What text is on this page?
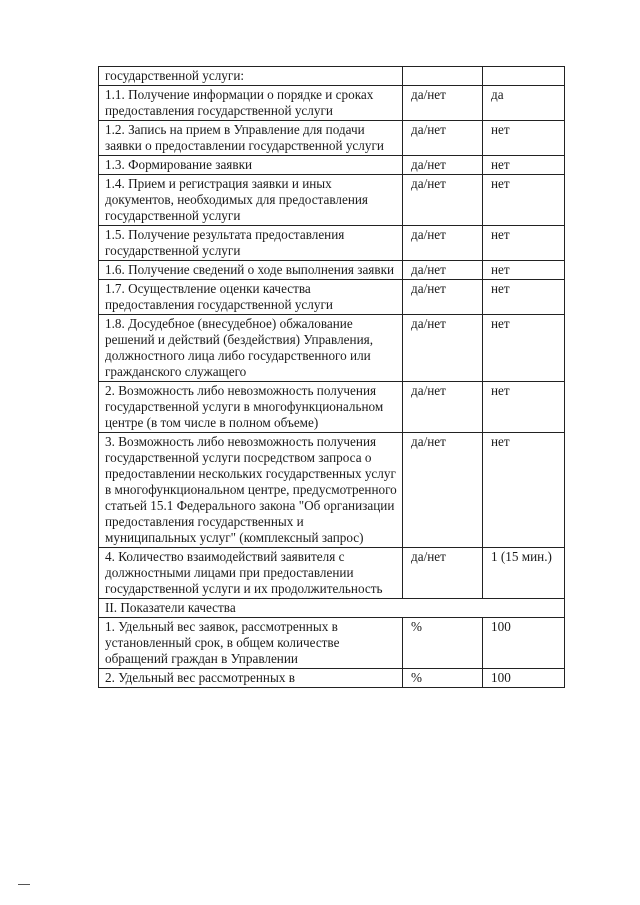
государственной услуги:		
1.1. Получение информации о порядке и сроках предоставления государственной услуги	да/нет	да
1.2. Запись на прием в Управление для подачи заявки о предоставлении государственной услуги	да/нет	нет
1.3. Формирование заявки	да/нет	нет
1.4. Прием и регистрация заявки и иных документов, необходимых для предоставления государственной услуги	да/нет	нет
1.5. Получение результата предоставления государственной услуги	да/нет	нет
1.6. Получение сведений о ходе выполнения заявки	да/нет	нет
1.7. Осуществление оценки качества предоставления государственной услуги	да/нет	нет
1.8. Досудебное (внесудебное) обжалование решений и действий (бездействия) Управления, должностного лица либо государственного или гражданского служащего	да/нет	нет
2. Возможность либо невозможность получения государственной услуги в многофункциональном центре (в том числе в полном объеме)	да/нет	нет
3. Возможность либо невозможность получения государственной услуги посредством запроса о предоставлении нескольких государственных услуг в многофункциональном центре, предусмотренного статьей 15.1 Федерального закона "Об организации предоставления государственных и муниципальных услуг" (комплексный запрос)	да/нет	нет
4. Количество взаимодействий заявителя с должностными лицами при предоставлении государственной услуги и их продолжительность	да/нет	1 (15 мин.)
II. Показатели качества		
1. Удельный вес заявок, рассмотренных в установленный срок, в общем количестве обращений граждан в Управлении	%	100
2. Удельный вес рассмотренных в	%	100
